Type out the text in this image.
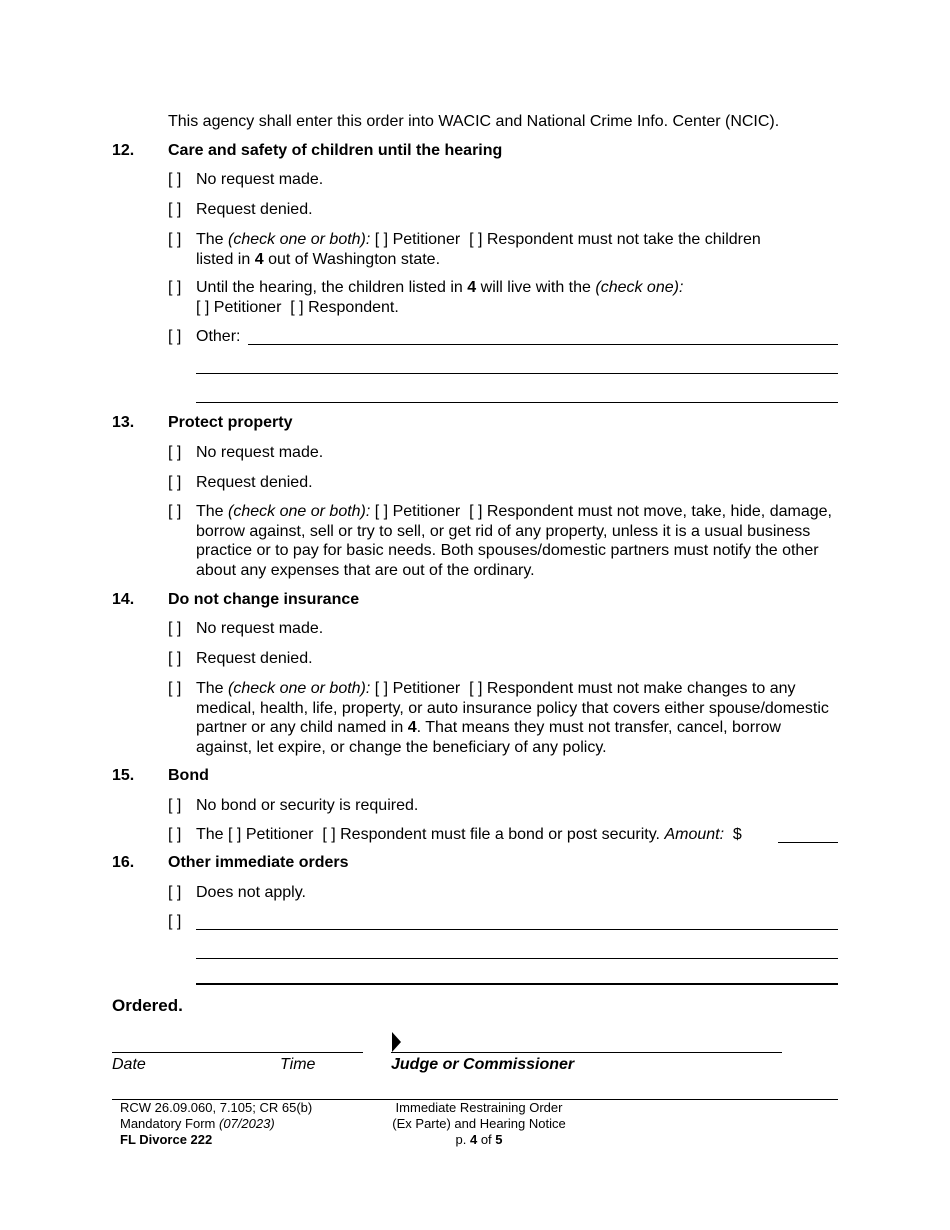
This agency shall enter this order into WACIC and National Crime Info. Center (NCIC).
12. Care and safety of children until the hearing
[ ] No request made.
[ ] Request denied.
[ ] The (check one or both): [ ] Petitioner [ ] Respondent must not take the children
listed in 4 out of Washington state.
[ ] Until the hearing, the children listed in 4 will live with the (check one):
[ ] Petitioner [ ] Respondent.
[ ] Other:
13. Protect property
[ ] No request made.
[ ] Request denied.
[ ] The (check one or both): [ ] Petitioner [ ] Respondent must not move, take, hide, damage, borrow against, sell or try to sell, or get rid of any property, unless it is a usual business practice or to pay for basic needs. Both spouses/domestic partners must notify the other about any expenses that are out of the ordinary.
14. Do not change insurance
[ ] No request made.
[ ] Request denied.
[ ] The (check one or both): [ ] Petitioner [ ] Respondent must not make changes to any medical, health, life, property, or auto insurance policy that covers either spouse/domestic partner or any child named in 4. That means they must not transfer, cancel, borrow against, let expire, or change the beneficiary of any policy.
15. Bond
[ ] No bond or security is required.
[ ] The [ ] Petitioner [ ] Respondent must file a bond or post security. Amount: $
16. Other immediate orders
[ ] Does not apply.
[ ]
Ordered.
Date	Time	Judge or Commissioner
RCW 26.09.060, 7.105; CR 65(b)
Mandatory Form (07/2023)
FL Divorce 222
Immediate Restraining Order
(Ex Parte) and Hearing Notice
p. 4 of 5
